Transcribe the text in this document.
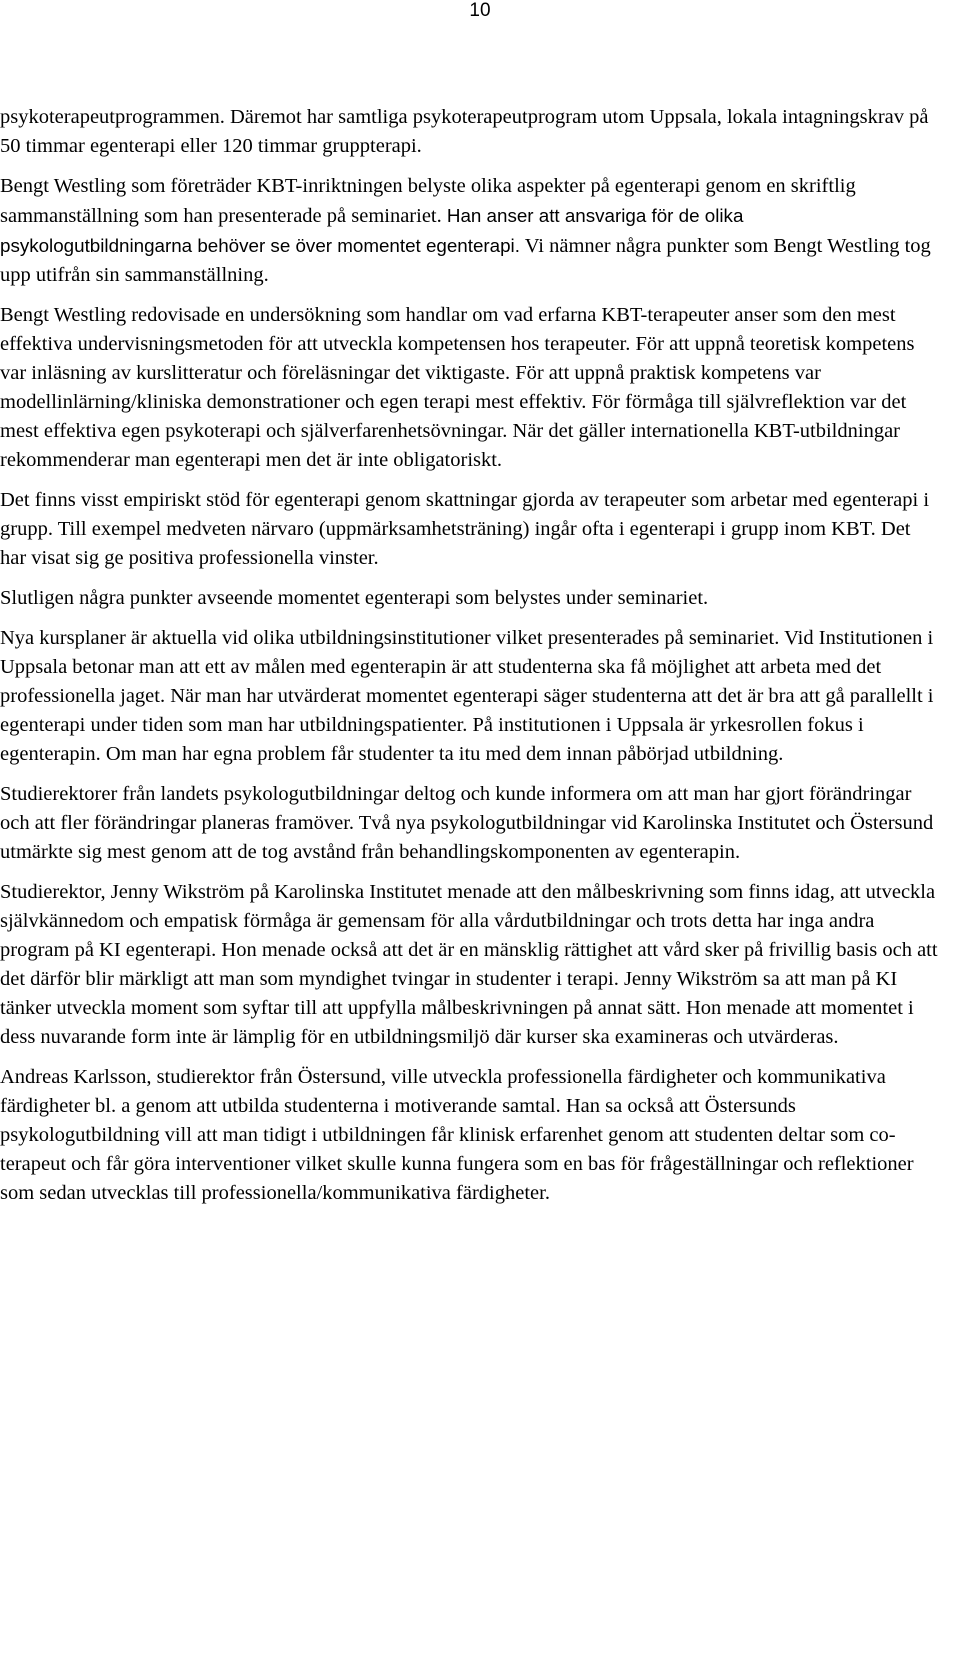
10

psykoterapeutprogrammen. Däremot har samtliga psykoterapeutprogram utom Uppsala, lokala intagningskrav på 50 timmar egenterapi eller 120 timmar gruppterapi.

Bengt Westling som företräder KBT-inriktningen belyste olika aspekter på egenterapi genom en skriftlig sammanställning som han presenterade på seminariet. Han anser att ansvariga för de olika psykologutbildningarna behöver se över momentet egenterapi. Vi nämner några punkter som Bengt Westling tog upp utifrån sin sammanställning.

Bengt Westling redovisade en undersökning som handlar om vad erfarna KBT-terapeuter anser som den mest effektiva undervisningsmetoden för att utveckla kompetensen hos terapeuter. För att uppnå teoretisk kompetens var inläsning av kurslitteratur och föreläsningar det viktigaste. För att uppnå praktisk kompetens var modellinlärning/kliniska demonstrationer och egen terapi mest effektiv. För förmåga till självreflektion var det mest effektiva egen psykoterapi och själverfarenhetsövningar. När det gäller internationella KBT-utbildningar rekommenderar man egenterapi men det är inte obligatoriskt.

Det finns visst empiriskt stöd för egenterapi genom skattningar gjorda av terapeuter som arbetar med egenterapi i grupp. Till exempel medveten närvaro (uppmärksamhetsträning) ingår ofta i egenterapi i grupp inom KBT. Det har visat sig ge positiva professionella vinster.

Slutligen några punkter avseende momentet egenterapi som belystes under seminariet.

Nya kursplaner är aktuella vid olika utbildningsinstitutioner vilket presenterades på seminariet. Vid Institutionen i Uppsala betonar man att ett av målen med egenterapin är att studenterna ska få möjlighet att arbeta med det professionella jaget. När man har utvärderat momentet egenterapi säger studenterna att det är bra att gå parallellt i egenterapi under tiden som man har utbildningspatienter. På institutionen i Uppsala är yrkesrollen fokus i egenterapin. Om man har egna problem får studenter ta itu med dem innan påbörjad utbildning.

Studierektorer från landets psykologutbildningar deltog och kunde informera om att man har gjort förändringar och att fler förändringar planeras framöver. Två nya psykologutbildningar vid Karolinska Institutet och Östersund utmärkte sig mest genom att de tog avstånd från behandlingskomponenten av egenterapin.

Studierektor, Jenny Wikström på Karolinska Institutet menade att den målbeskrivning som finns idag, att utveckla självkännedom och empatisk förmåga är gemensam för alla vårdutbildningar och trots detta har inga andra program på KI egenterapi. Hon menade också att det är en mänsklig rättighet att vård sker på frivillig basis och att det därför blir märkligt att man som myndighet tvingar in studenter i terapi. Jenny Wikström sa att man på KI tänker utveckla moment som syftar till att uppfylla målbeskrivningen på annat sätt. Hon menade att momentet i dess nuvarande form inte är lämplig för en utbildningsmiljö där kurser ska examineras och utvärderas.

Andreas Karlsson, studierektor från Östersund, ville utveckla professionella färdigheter och kommunikativa färdigheter bl. a genom att utbilda studenterna i motiverande samtal. Han sa också att Östersunds psykologutbildning vill att man tidigt i utbildningen får klinisk erfarenhet genom att studenten deltar som co-terapeut och får göra interventioner vilket skulle kunna fungera som en bas för frågeställningar och reflektioner som sedan utvecklas till professionella/kommunikativa färdigheter.
